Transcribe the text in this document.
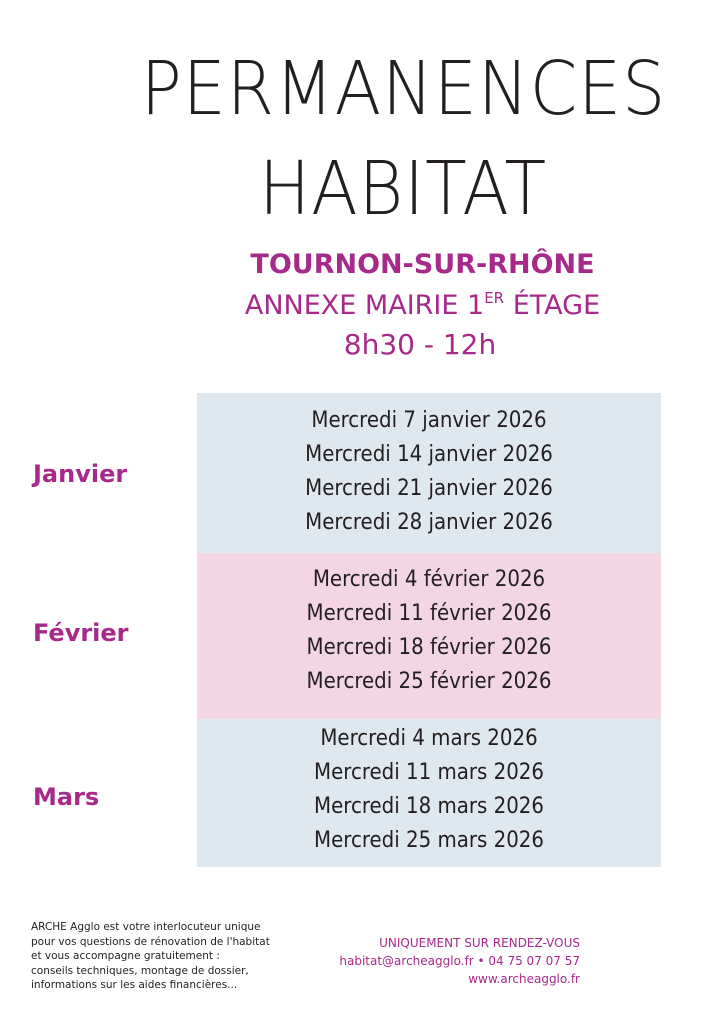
PERMANENCES
HABITAT
TOURNON-SUR-RHÔNE
ANNEXE MAIRIE 1ER ÉTAGE
8h30 - 12h
Janvier
Février
Mars
Mercredi 7 janvier 2026
Mercredi 14 janvier 2026
Mercredi 21 janvier 2026
Mercredi 28 janvier 2026
Mercredi 4 février 2026
Mercredi 11 février 2026
Mercredi 18 février 2026
Mercredi 25 février 2026
Mercredi 4 mars 2026
Mercredi 11 mars 2026
Mercredi 18 mars 2026
Mercredi 25 mars 2026
ARCHE Agglo est votre interlocuteur unique
pour vos questions de rénovation de l'habitat
et vous accompagne gratuitement :
conseils techniques, montage de dossier,
informations sur les aides financières...
UNIQUEMENT SUR RENDEZ-VOUS
habitat@archeagglo.fr • 04 75 07 07 57
www.archeagglo.fr
